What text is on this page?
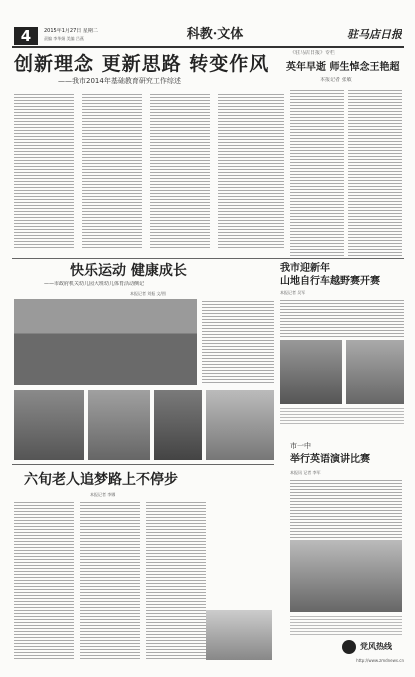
4	2015年1月27日 星期二
责编 李华娟 美编 吕燕	科教·文体	驻马店日报
创新理念 更新思路 转变作风
——我市2014年基础教育研究工作综述
《驻马店日报》专栏
英年早逝 师生悼念王艳超
本报记者 张敏
快乐运动 健康成长
——市政府机关幼儿园大班幼儿体育活动侧记
本报记者 刘振 文/图
我市迎新年
山地自行车越野赛开赛
本报记者 吴军
六旬老人追梦路上不停步
本报记者 李娜
市一中
举行英语演讲比赛
本报讯 记者 李军
党风热线
http://www.zmdnews.cn
